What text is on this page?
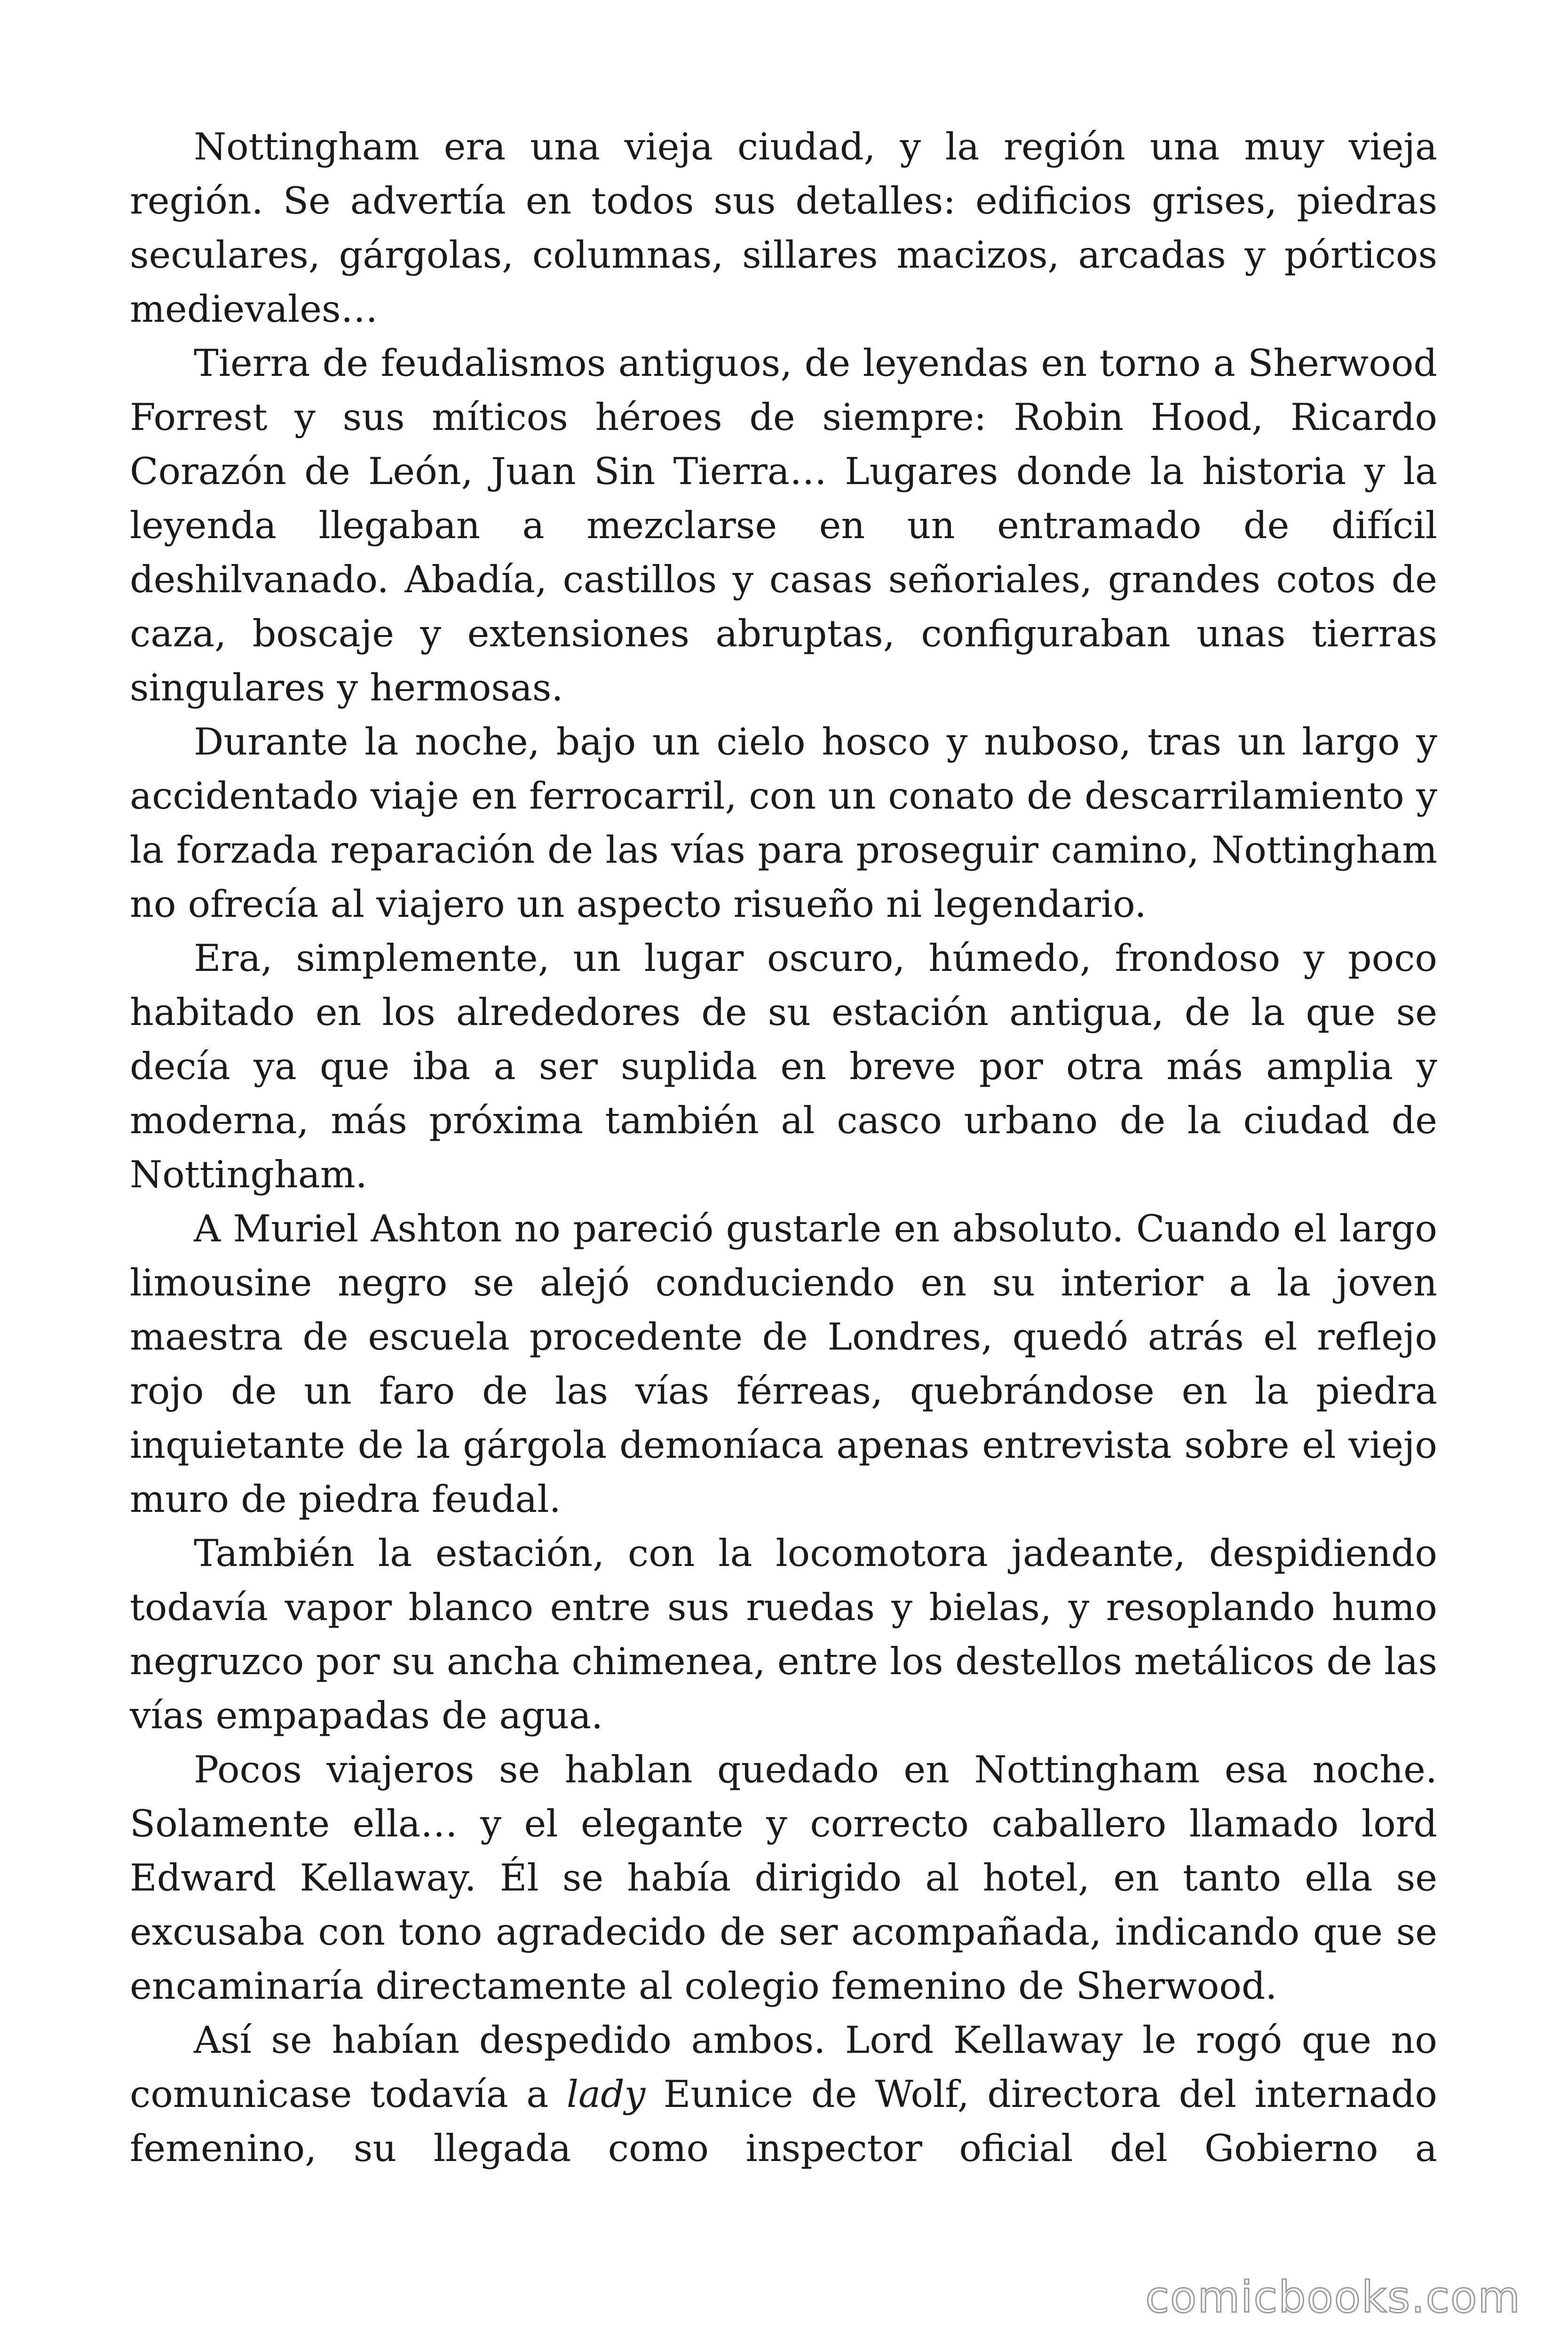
Nottingham era una vieja ciudad, y la región una muy vieja región. Se advertía en todos sus detalles: edificios grises, piedras seculares, gárgolas, columnas, sillares macizos, arcadas y pórticos medievales…

Tierra de feudalismos antiguos, de leyendas en torno a Sherwood Forrest y sus míticos héroes de siempre: Robin Hood, Ricardo Corazón de León, Juan Sin Tierra… Lugares donde la historia y la leyenda llegaban a mezclarse en un entramado de difícil deshilvanado. Abadía, castillos y casas señoriales, grandes cotos de caza, boscaje y extensiones abruptas, configuraban unas tierras singulares y hermosas.

Durante la noche, bajo un cielo hosco y nuboso, tras un largo y accidentado viaje en ferrocarril, con un conato de descarrilamiento y la forzada reparación de las vías para proseguir camino, Nottingham no ofrecía al viajero un aspecto risueño ni legendario.

Era, simplemente, un lugar oscuro, húmedo, frondoso y poco habitado en los alrededores de su estación antigua, de la que se decía ya que iba a ser suplida en breve por otra más amplia y moderna, más próxima también al casco urbano de la ciudad de Nottingham.

A Muriel Ashton no pareció gustarle en absoluto. Cuando el largo limousine negro se alejó conduciendo en su interior a la joven maestra de escuela procedente de Londres, quedó atrás el reflejo rojo de un faro de las vías férreas, quebrándose en la piedra inquietante de la gárgola demoníaca apenas entrevista sobre el viejo muro de piedra feudal.

También la estación, con la locomotora jadeante, despidiendo todavía vapor blanco entre sus ruedas y bielas, y resoplando humo negruzco por su ancha chimenea, entre los destellos metálicos de las vías empapadas de agua.

Pocos viajeros se hablan quedado en Nottingham esa noche. Solamente ella… y el elegante y correcto caballero llamado lord Edward Kellaway. Él se había dirigido al hotel, en tanto ella se excusaba con tono agradecido de ser acompañada, indicando que se encaminaría directamente al colegio femenino de Sherwood.

Así se habían despedido ambos. Lord Kellaway le rogó que no comunicase todavía a lady Eunice de Wolf, directora del internado femenino, su llegada como inspector oficial del Gobierno a

comicbooks.com
